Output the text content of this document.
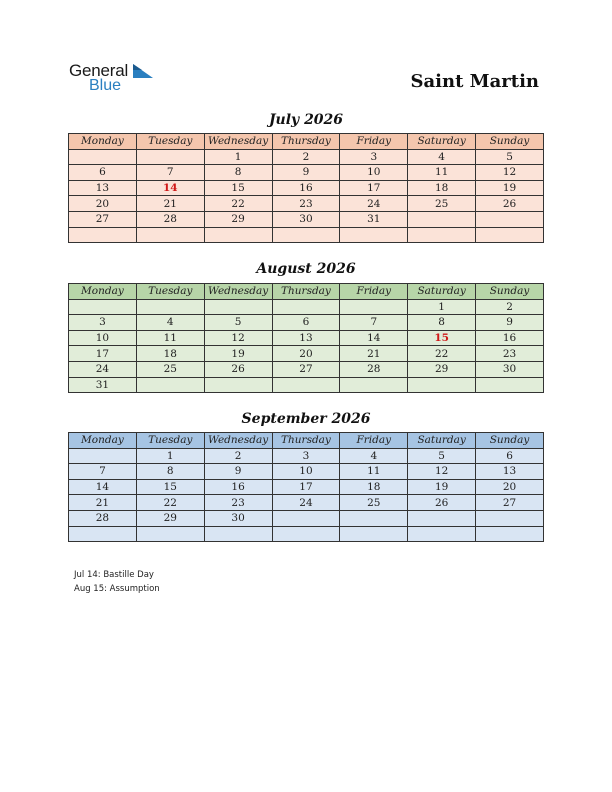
General
Blue	Saint Martin
July 2026
Monday	Tuesday	Wednesday	Thursday	Friday	Saturday	Sunday
		1	2	3	4	5
6	7	8	9	10	11	12
13	14	15	16	17	18	19
20	21	22	23	24	25	26
27	28	29	30	31		

August 2026
Monday	Tuesday	Wednesday	Thursday	Friday	Saturday	Sunday
					1	2
3	4	5	6	7	8	9
10	11	12	13	14	15	16
17	18	19	20	21	22	23
24	25	26	27	28	29	30
31						
September 2026
Monday	Tuesday	Wednesday	Thursday	Friday	Saturday	Sunday
	1	2	3	4	5	6
7	8	9	10	11	12	13
14	15	16	17	18	19	20
21	22	23	24	25	26	27
28	29	30				

Jul 14: Bastille Day
Aug 15: Assumption
